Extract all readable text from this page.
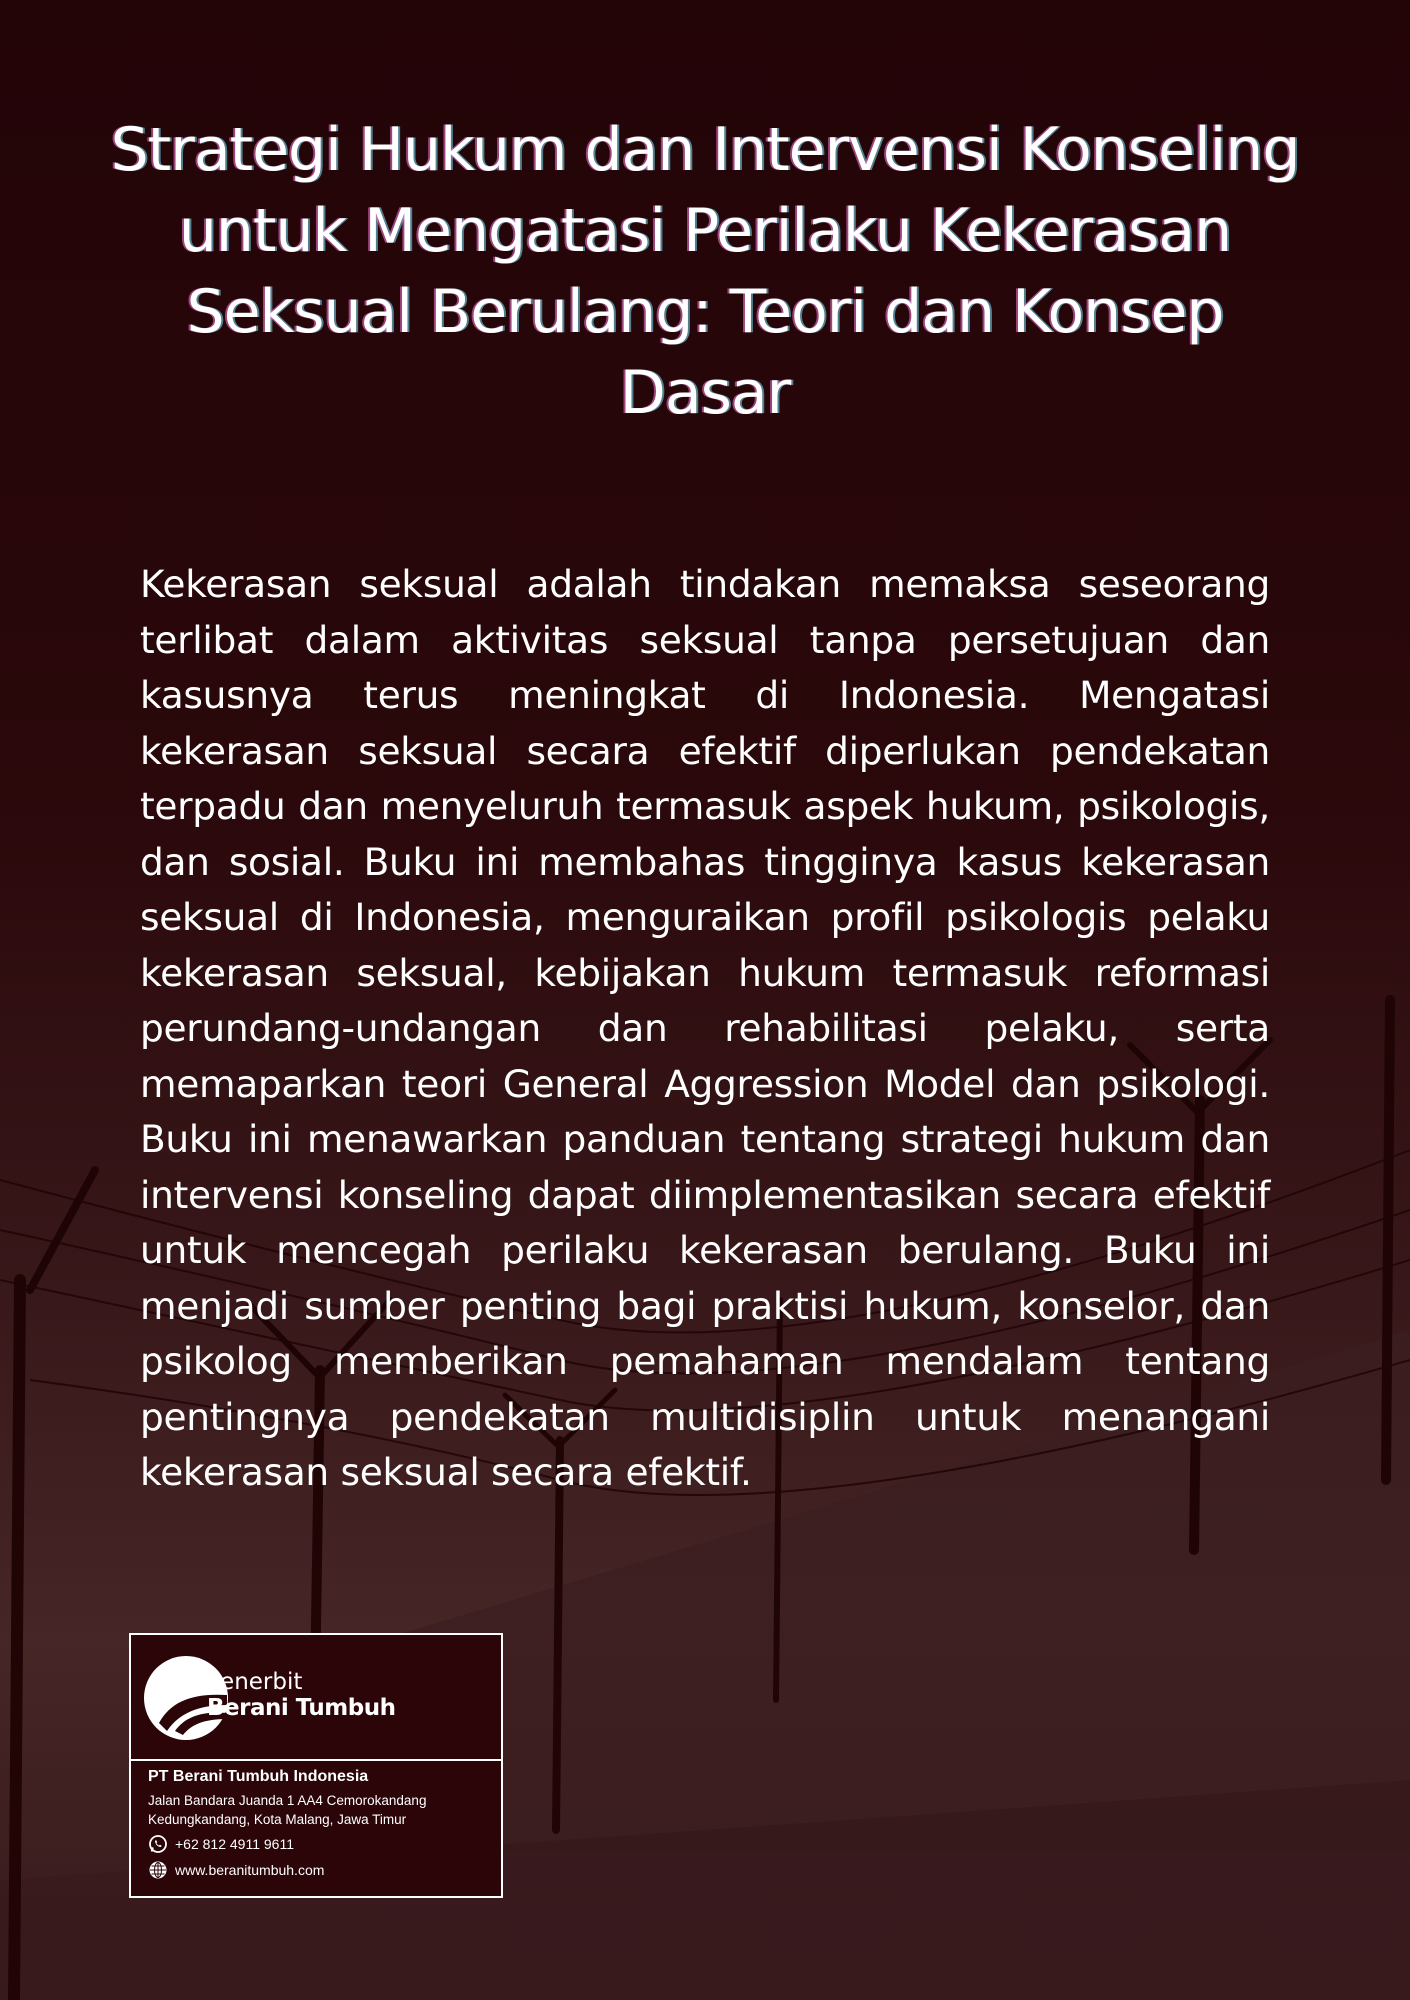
Strategi Hukum dan Intervensi Konseling untuk Mengatasi Perilaku Kekerasan Seksual Berulang: Teori dan Konsep Dasar

Kekerasan seksual adalah tindakan memaksa seseorang terlibat dalam aktivitas seksual tanpa persetujuan dan kasusnya terus meningkat di Indonesia. Mengatasi kekerasan seksual secara efektif diperlukan pendekatan terpadu dan menyeluruh termasuk aspek hukum, psikologis, dan sosial. Buku ini membahas tingginya kasus kekerasan seksual di Indonesia, menguraikan profil psikologis pelaku kekerasan seksual, kebijakan hukum termasuk reformasi perundang-undangan dan rehabilitasi pelaku, serta memaparkan teori General Aggression Model dan psikologi. Buku ini menawarkan panduan tentang strategi hukum dan intervensi konseling dapat diimplementasikan secara efektif untuk mencegah perilaku kekerasan berulang. Buku ini menjadi sumber penting bagi praktisi hukum, konselor, dan psikolog memberikan pemahaman mendalam tentang pentingnya pendekatan multidisiplin untuk menangani kekerasan seksual secara efektif.

Penerbit
Berani Tumbuh
PT Berani Tumbuh Indonesia
Jalan Bandara Juanda 1 AA4 Cemorokandang Kedungkandang, Kota Malang, Jawa Timur
+62 812 4911 9611
www.beranitumbuh.com
